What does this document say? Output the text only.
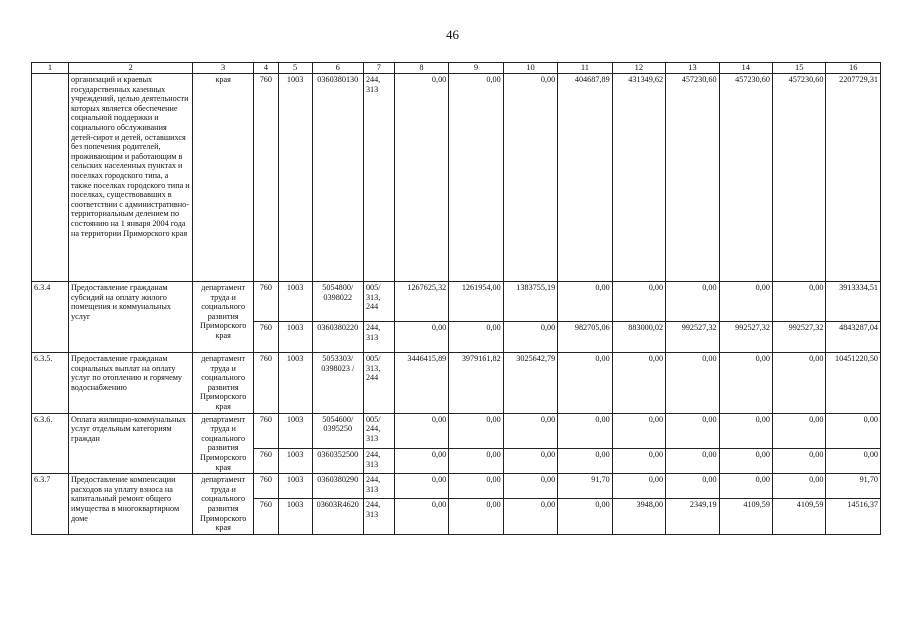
46
1	2	3	4	5	6	7	8	9	10	11	12	13	14	15	16
	организаций и краевых государственных казенных учреждений, целью деятельности которых является обеспечение социальной поддержки и социального обслуживания детей-сирот и детей, оставшихся без попечения родителей, проживающим и работающим в сельских населенных пунктах и поселках городского типа, а также поселках городского типа и поселках, существовавших в соответствии с административно-территориальным делением по состоянию на 1 января 2004 года на территории Приморского края	края	760	1003	0360380130	244, 313	0,00	0,00	0,00	404687,89	431349,62	457230,60	457230,60	457230,60	2207729,31
6.3.4	Предоставление гражданам субсидий на оплату жилого помещения и коммунальных услуг	департамент труда и социального развития Приморского края	760	1003	5054800/ 0398022	005/ 313, 244	1267625,32	1261954,00	1383755,19	0,00	0,00	0,00	0,00	0,00	3913334,51
			760	1003	0360380220	244, 313	0,00	0,00	0,00	982705,06	883000,02	992527,32	992527,32	992527,32	4843287,04
6.3.5.	Предоставление гражданам социальных выплат на оплату услуг по отоплению и горячему водоснабжению	департамент труда и социального развития Приморского края	760	1003	5053303/ 0398023 /	005/ 313, 244	3446415,89	3979161,82	3025642,79	0,00	0,00	0,00	0,00	0,00	10451220,50
6.3.6.	Оплата жилищно-коммунальных услуг отдельным категориям граждан	департамент труда и социального развития Приморского края	760	1003	5054600/ 0395250	005/ 244, 313	0,00	0,00	0,00	0,00	0,00	0,00	0,00	0,00	0,00
			760	1003	0360352500	244, 313	0,00	0,00	0,00	0,00	0,00	0,00	0,00	0,00	0,00
6.3.7	Предоставление компенсации расходов на уплату взноса на капитальный ремонт общего имущества в многоквартирном доме	департамент труда и социального развития Приморского края	760	1003	0360380290	244, 313	0,00	0,00	0,00	91,70	0,00	0,00	0,00	0,00	91,70
			760	1003	03603R4620	244, 313	0,00	0,00	0,00	0,00	3948,00	2349,19	4109,59	4109,59	14516,37
